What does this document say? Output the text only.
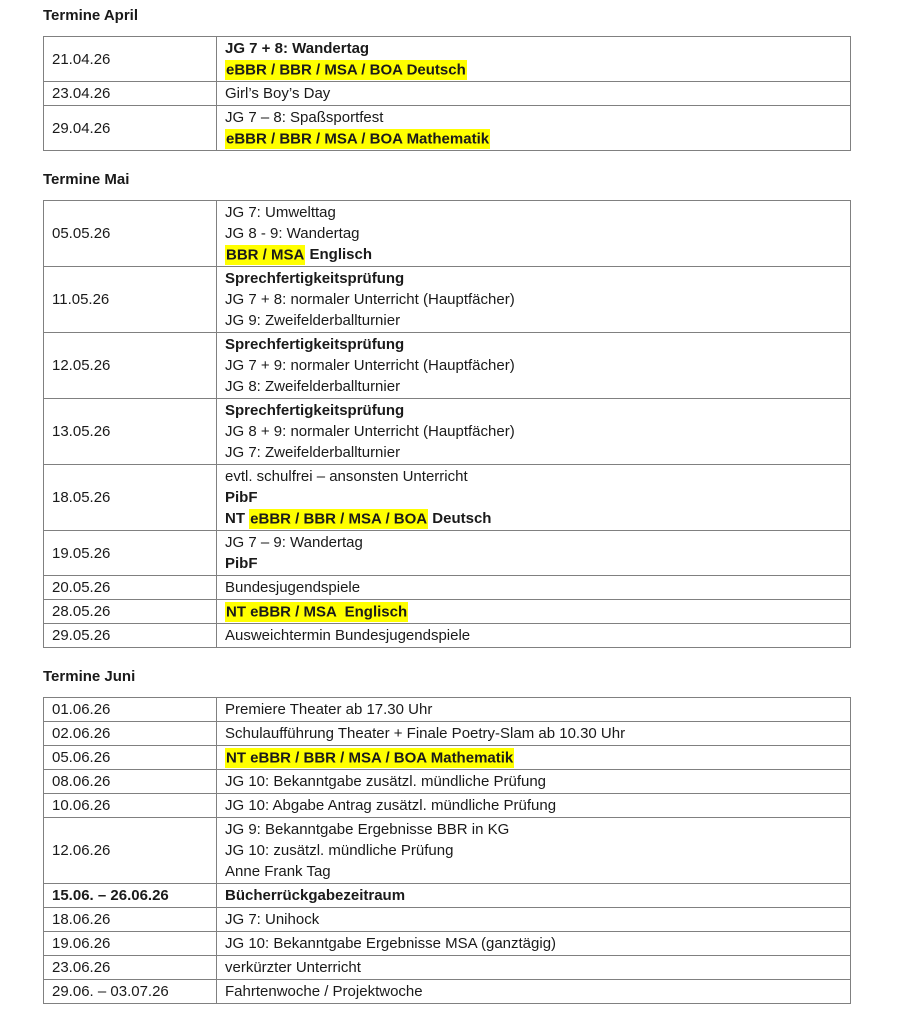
Termine April
21.04.26	JG 7 + 8: Wandertag
eBBR / BBR / MSA / BOA Deutsch

23.04.26	Girl’s Boy’s Day

29.04.26	JG 7 – 8: Spaßsportfest
eBBR / BBR / MSA / BOA Mathematik
Termine Mai
05.05.26	JG 7: Umwelttag
JG 8 - 9: Wandertag
BBR / MSA Englisch

11.05.26	Sprechfertigkeitsprüfung
JG 7 + 8: normaler Unterricht (Hauptfächer)
JG 9: Zweifelderballturnier

12.05.26	Sprechfertigkeitsprüfung
JG 7 + 9: normaler Unterricht (Hauptfächer)
JG 8: Zweifelderballturnier

13.05.26	Sprechfertigkeitsprüfung
JG 8 + 9: normaler Unterricht (Hauptfächer)
JG 7: Zweifelderballturnier

18.05.26	evtl. schulfrei – ansonsten Unterricht
PibF
NT eBBR / BBR / MSA / BOA Deutsch

19.05.26	JG 7 – 9: Wandertag
PibF

20.05.26	Bundesjugendspiele

28.05.26	NT eBBR / MSA  Englisch

29.05.26	Ausweichtermin Bundesjugendspiele
Termine Juni
01.06.26	Premiere Theater ab 17.30 Uhr

02.06.26	Schulaufführung Theater + Finale Poetry-Slam ab 10.30 Uhr

05.06.26	NT eBBR / BBR / MSA / BOA Mathematik

08.06.26	JG 10: Bekanntgabe zusätzl. mündliche Prüfung

10.06.26	JG 10: Abgabe Antrag zusätzl. mündliche Prüfung

12.06.26	JG 9: Bekanntgabe Ergebnisse BBR in KG
JG 10: zusätzl. mündliche Prüfung
Anne Frank Tag

15.06. – 26.06.26	Bücherrückgabezeitraum

18.06.26	JG 7: Unihock

19.06.26	JG 10: Bekanntgabe Ergebnisse MSA (ganztägig)

23.06.26	verkürzter Unterricht

29.06. – 03.07.26	Fahrtenwoche / Projektwoche
